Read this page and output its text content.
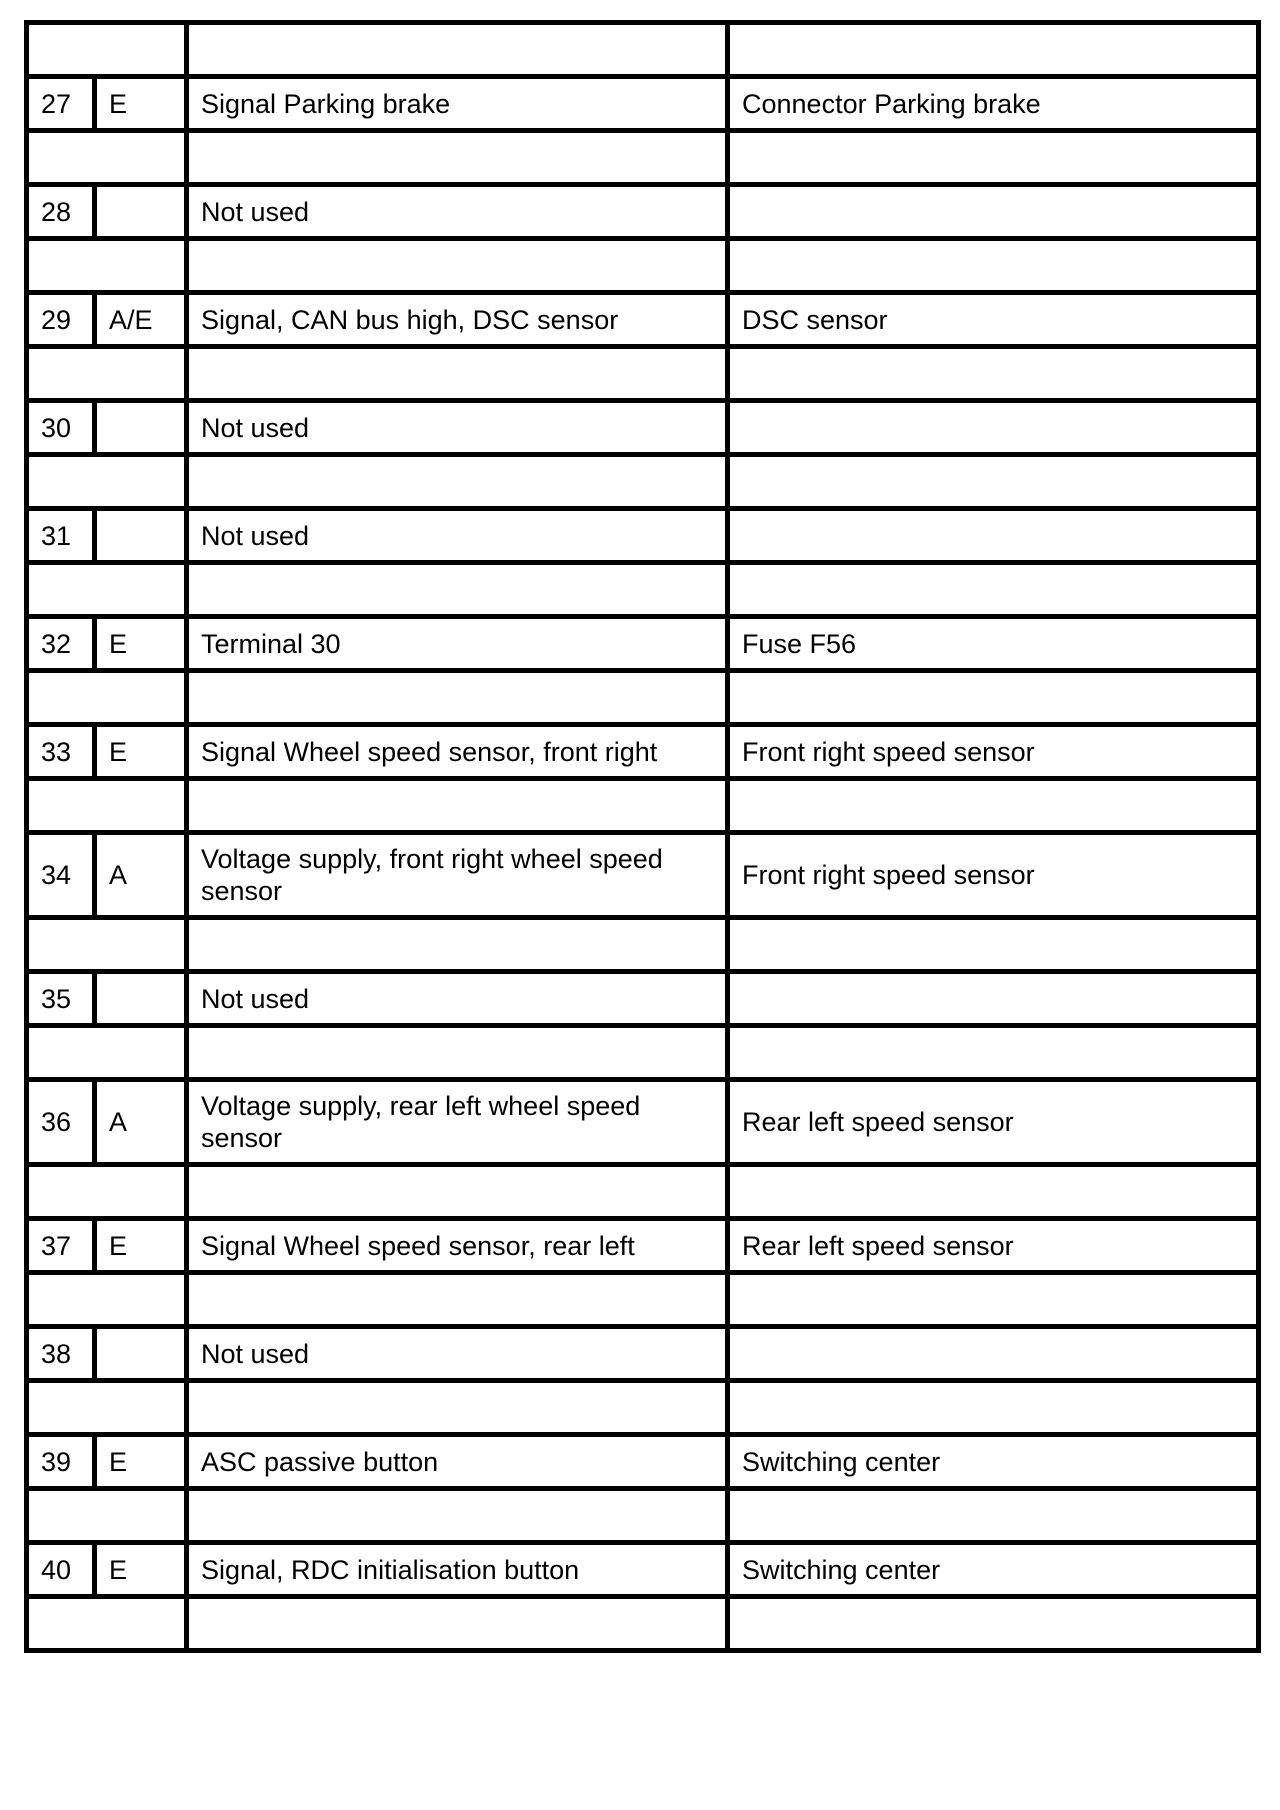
27	E	Signal Parking brake	Connector Parking brake

28		Not used	

29	A/E	Signal, CAN bus high, DSC sensor	DSC sensor

30		Not used	

31		Not used	

32	E	Terminal 30	Fuse F56

33	E	Signal Wheel speed sensor, front right	Front right speed sensor

34	A	Voltage supply, front right wheel speed sensor	Front right speed sensor

35		Not used	

36	A	Voltage supply, rear left wheel speed sensor	Rear left speed sensor

37	E	Signal Wheel speed sensor, rear left	Rear left speed sensor

38		Not used	

39	E	ASC passive button	Switching center

40	E	Signal, RDC initialisation button	Switching center
